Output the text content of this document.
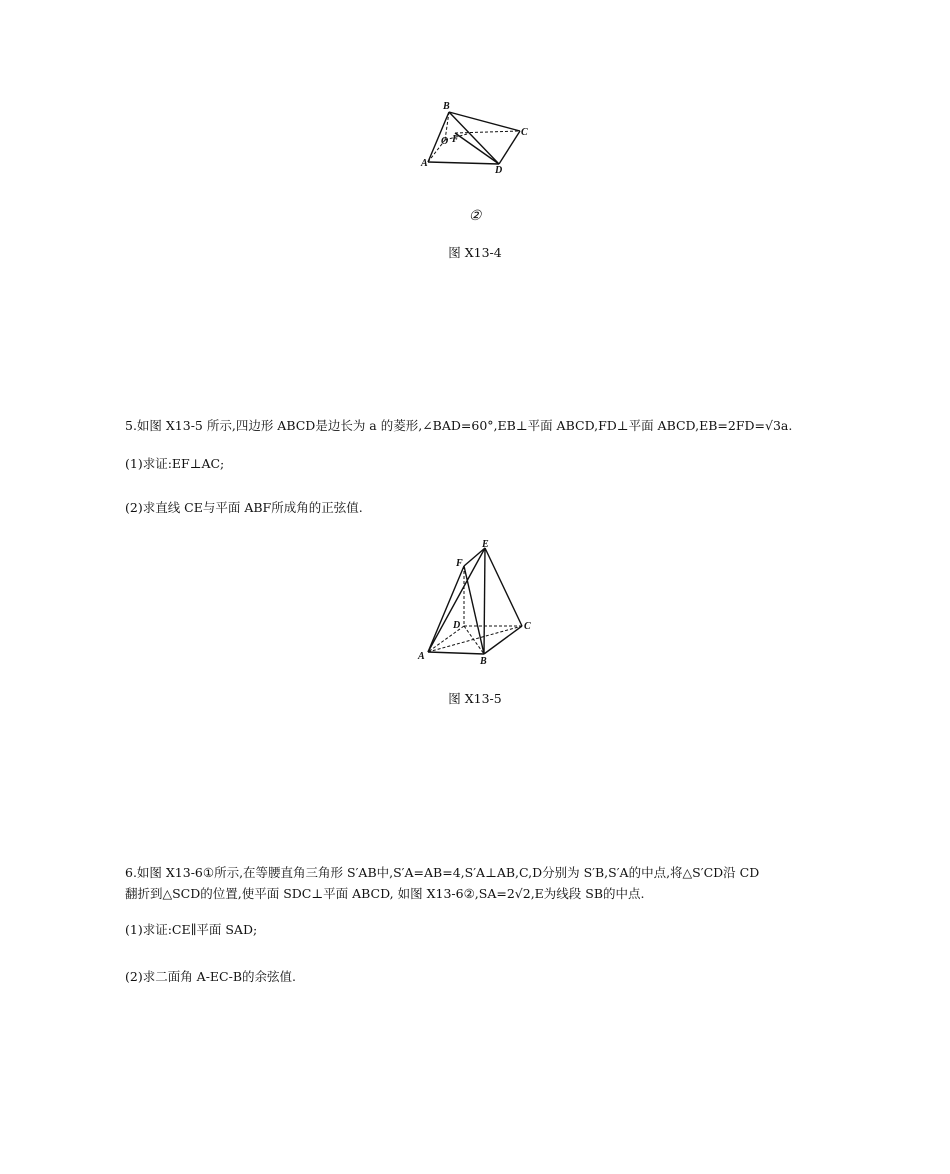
B
C
A
D
O F
②
图 X13-4
5.如图 X13-5 所示,四边形 ABCD是边长为 a 的菱形,∠BAD=60°,EB⊥平面 ABCD,FD⊥平面 ABCD,EB=2FD=√3a.
(1)求证:EF⊥AC;
(2)求直线 CE与平面 ABF所成角的正弦值.
E
F
D	C
A	B
图 X13-5
6.如图 X13-6①所示,在等腰直角三角形 S′AB中,S′A=AB=4,S′A⊥AB,C,D分别为 S′B,S′A的中点,将△S′CD沿 CD
翻折到△SCD的位置,使平面 SDC⊥平面 ABCD, 如图 X13-6②,SA=2√2,E为线段 SB的中点.
(1)求证:CE∥平面 SAD;
(2)求二面角 A-EC-B的余弦值.
